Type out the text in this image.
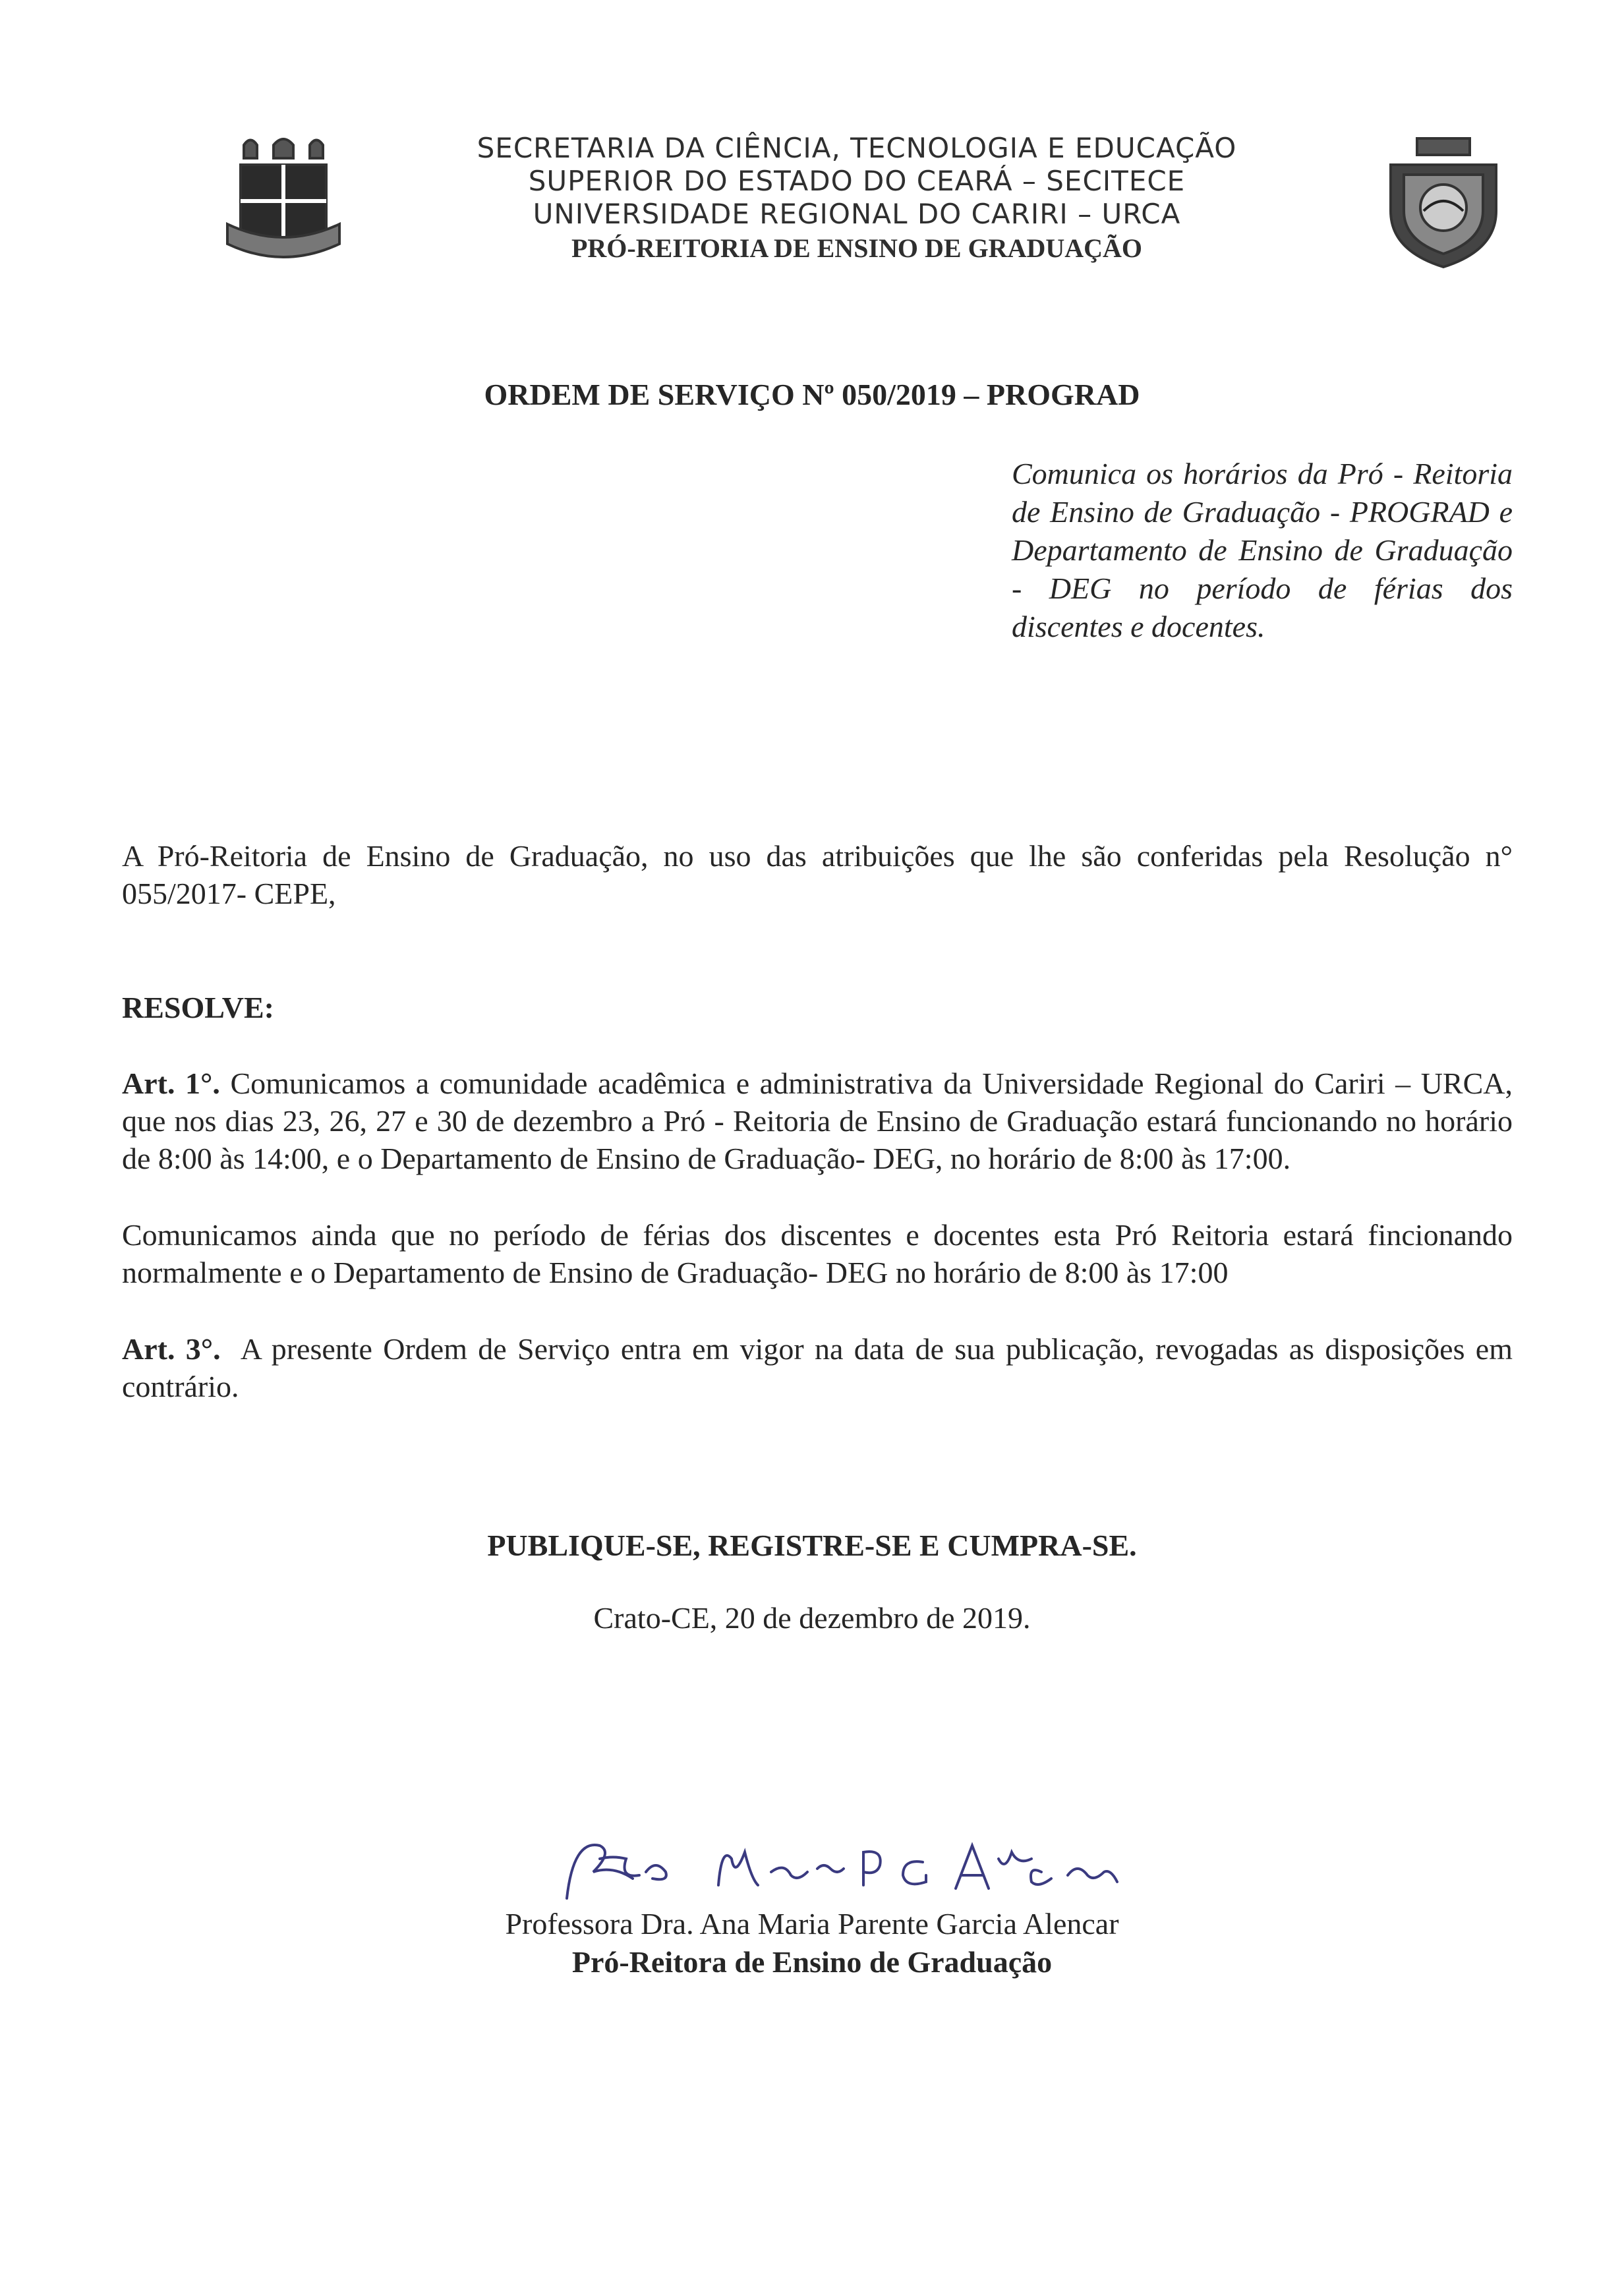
SECRETARIA DA CIÊNCIA, TECNOLOGIA E EDUCAÇÃO
SUPERIOR DO ESTADO DO CEARÁ – SECITECE
UNIVERSIDADE REGIONAL DO CARIRI – URCA
PRÓ-REITORIA DE ENSINO DE GRADUAÇÃO
ORDEM DE SERVIÇO Nº 050/2019 – PROGRAD
Comunica os horários da Pró - Reitoria de Ensino de Graduação - PROGRAD e Departamento de Ensino de Graduação - DEG no período de férias dos discentes e docentes.
A Pró-Reitoria de Ensino de Graduação, no uso das atribuições que lhe são conferidas pela Resolução n° 055/2017- CEPE,
RESOLVE:
Art. 1°. Comunicamos a comunidade acadêmica e administrativa da Universidade Regional do Cariri – URCA, que nos dias 23, 26, 27 e 30 de dezembro a Pró - Reitoria de Ensino de Graduação estará funcionando no horário de 8:00 às 14:00, e o Departamento de Ensino de Graduação- DEG, no horário de 8:00 às 17:00.
Comunicamos ainda que no período de férias dos discentes e docentes esta Pró Reitoria estará fincionando normalmente e o Departamento de Ensino de Graduação- DEG no horário de 8:00 às 17:00
Art. 3°. A presente Ordem de Serviço entra em vigor na data de sua publicação, revogadas as disposições em contrário.
PUBLIQUE-SE, REGISTRE-SE E CUMPRA-SE.
Crato-CE, 20 de dezembro de 2019.
Professora Dra. Ana Maria Parente Garcia Alencar
Pró-Reitora de Ensino de Graduação
